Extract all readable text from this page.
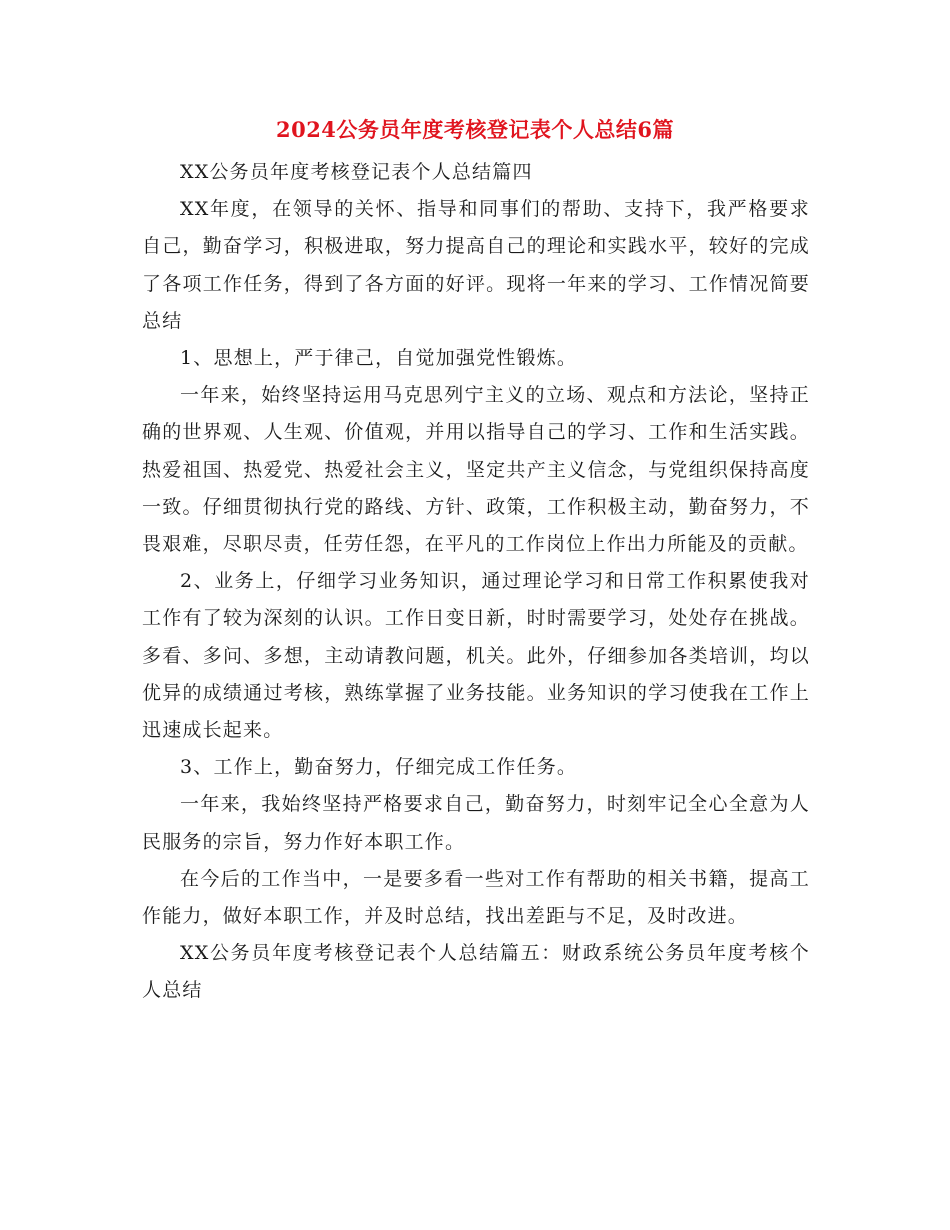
2024公务员年度考核登记表个人总结6篇

XX公务员年度考核登记表个人总结篇四

XX年度，在领导的关怀、指导和同事们的帮助、支持下，我严格要求自己，勤奋学习，积极进取，努力提高自己的理论和实践水平，较好的完成了各项工作任务，得到了各方面的好评。现将一年来的学习、工作情况简要总结

1、思想上，严于律己，自觉加强党性锻炼。

一年来，始终坚持运用马克思列宁主义的立场、观点和方法论，坚持正确的世界观、人生观、价值观，并用以指导自己的学习、工作和生活实践。热爱祖国、热爱党、热爱社会主义，坚定共产主义信念，与党组织保持高度一致。仔细贯彻执行党的路线、方针、政策，工作积极主动，勤奋努力，不畏艰难，尽职尽责，任劳任怨，在平凡的工作岗位上作出力所能及的贡献。

2、业务上，仔细学习业务知识，通过理论学习和日常工作积累使我对工作有了较为深刻的认识。工作日变日新，时时需要学习，处处存在挑战。多看、多问、多想，主动请教问题，机关。此外，仔细参加各类培训，均以优异的成绩通过考核，熟练掌握了业务技能。业务知识的学习使我在工作上迅速成长起来。

3、工作上，勤奋努力，仔细完成工作任务。

一年来，我始终坚持严格要求自己，勤奋努力，时刻牢记全心全意为人民服务的宗旨，努力作好本职工作。

在今后的工作当中，一是要多看一些对工作有帮助的相关书籍，提高工作能力，做好本职工作，并及时总结，找出差距与不足，及时改进。

XX公务员年度考核登记表个人总结篇五：财政系统公务员年度考核个人总结
